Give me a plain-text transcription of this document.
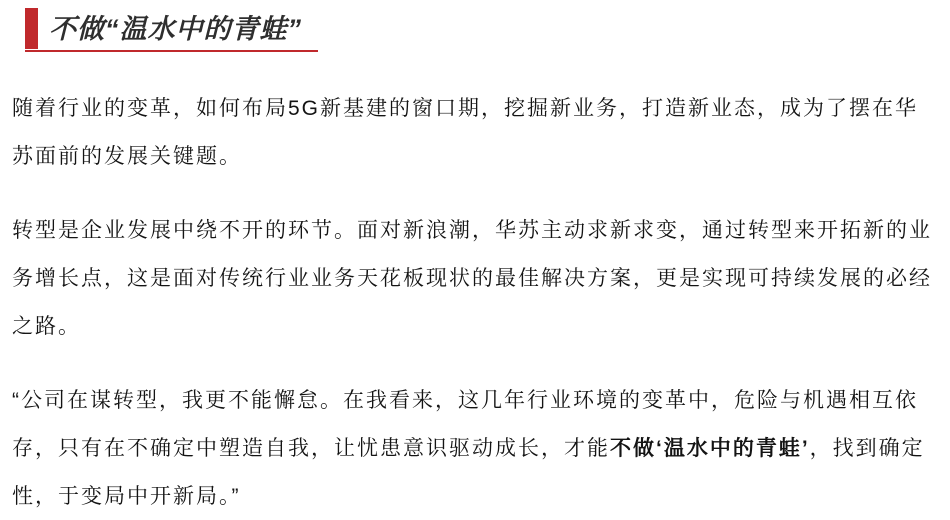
不做“温水中的青蛙”

随着行业的变革，如何布局5G新基建的窗口期，挖掘新业务，打造新业态，成为了摆在华苏面前的发展关键题。

转型是企业发展中绕不开的环节。面对新浪潮，华苏主动求新求变，通过转型来开拓新的业务增长点，这是面对传统行业业务天花板现状的最佳解决方案，更是实现可持续发展的必经之路。

“公司在谋转型，我更不能懈怠。在我看来，这几年行业环境的变革中，危险与机遇相互依存，只有在不确定中塑造自我，让忧患意识驱动成长，才能不做‘温水中的青蛙’，找到确定性，于变局中开新局。”
